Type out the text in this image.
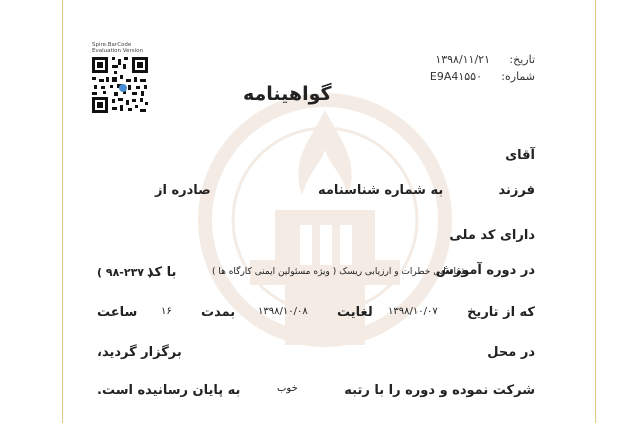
Spire.BarCode
Evaluation Version
تاریخ:
۱۳۹۸/۱۱/۲۱
شماره:
E9A4۱۵۵۰
گواهینامه
آقای
فرزند
به شماره شناسنامه
صادره از
دارای کد ملی
در دوره آموزش
شناسایی خطرات و ارزیابی ریسک ( ویژه مسئولین ایمنی کارگاه ها )
با کد
( ۹۸-۲۳۷ )
که از تاریخ
۱۳۹۸/۱۰/۰۷
لغایت
۱۳۹۸/۱۰/۰۸
بمدت
۱۶
ساعت
در محل
برگزار گردید،
شرکت نموده و دوره را با رتبه
خوب
به پایان رسانیده است.
